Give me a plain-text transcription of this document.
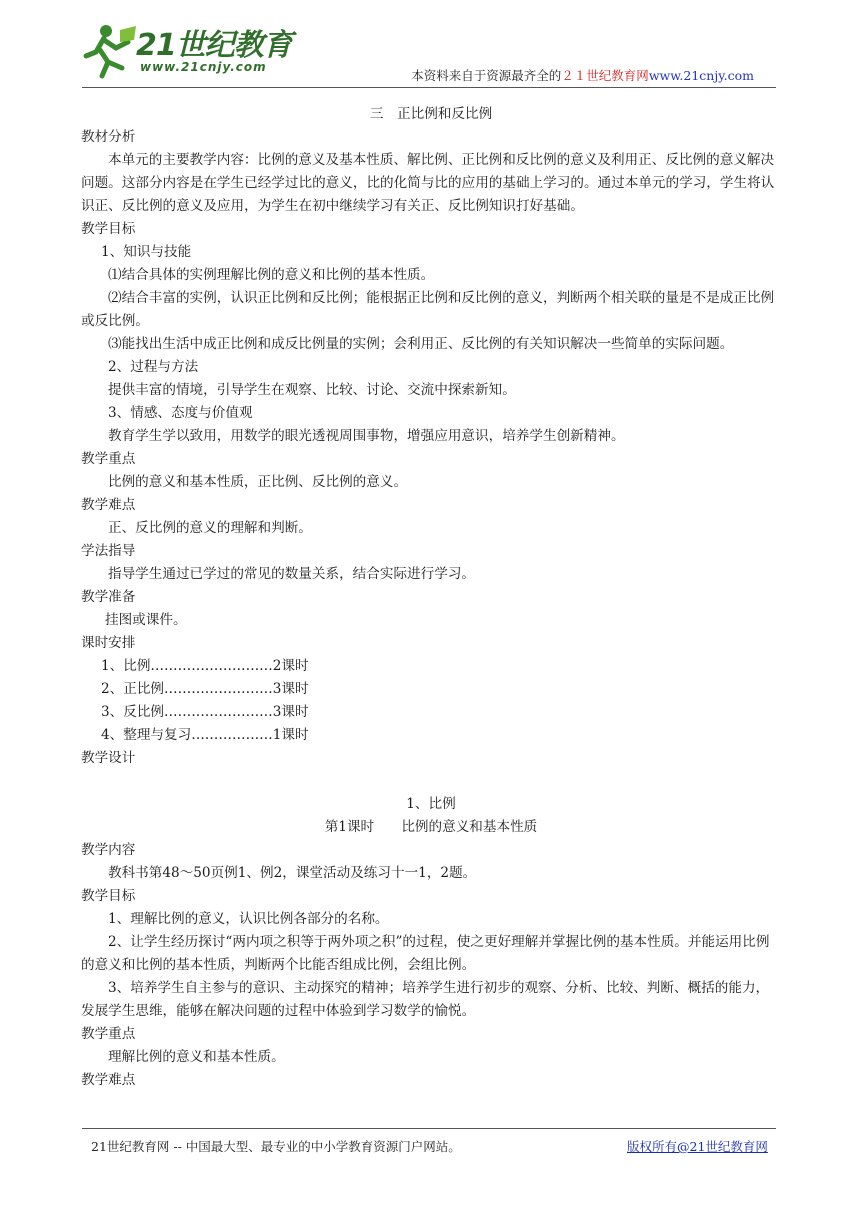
21世纪教育
www.21cnjy.com
本资料来自于资源最齐全的２１世纪教育网www.21cnjy.com

三　正比例和反比例

教材分析

本单元的主要教学内容：比例的意义及基本性质、解比例、正比例和反比例的意义及利用正、反比例的意义解决问题。这部分内容是在学生已经学过比的意义，比的化简与比的应用的基础上学习的。通过本单元的学习，学生将认识正、反比例的意义及应用，为学生在初中继续学习有关正、反比例知识打好基础。

教学目标

1、知识与技能

⑴结合具体的实例理解比例的意义和比例的基本性质。

⑵结合丰富的实例，认识正比例和反比例；能根据正比例和反比例的意义，判断两个相关联的量是不是成正比例或反比例。

⑶能找出生活中成正比例和成反比例量的实例；会利用正、反比例的有关知识解决一些简单的实际问题。

2、过程与方法

提供丰富的情境，引导学生在观察、比较、讨论、交流中探索新知。

3、情感、态度与价值观

教育学生学以致用，用数学的眼光透视周围事物，增强应用意识，培养学生创新精神。

教学重点

比例的意义和基本性质，正比例、反比例的意义。

教学难点

正、反比例的意义的理解和判断。

学法指导

指导学生通过已学过的常见的数量关系，结合实际进行学习。

教学准备

挂图或课件。

课时安排

1、比例………………………2课时

2、正比例……………………3课时

3、反比例……………………3课时

4、整理与复习………………1课时

教学设计

1、比例

第1课时　　比例的意义和基本性质

教学内容

教科书第48～50页例1、例2，课堂活动及练习十一1，2题。

教学目标

1、理解比例的意义，认识比例各部分的名称。

2、让学生经历探讨“两内项之积等于两外项之积”的过程，使之更好理解并掌握比例的基本性质。并能运用比例的意义和比例的基本性质，判断两个比能否组成比例，会组比例。

3、培养学生自主参与的意识、主动探究的精神；培养学生进行初步的观察、分析、比较、判断、概括的能力，发展学生思维，能够在解决问题的过程中体验到学习数学的愉悦。

教学重点

理解比例的意义和基本性质。

教学难点

21世纪教育网 -- 中国最大型、最专业的中小学教育资源门户网站。	版权所有@21世纪教育网
